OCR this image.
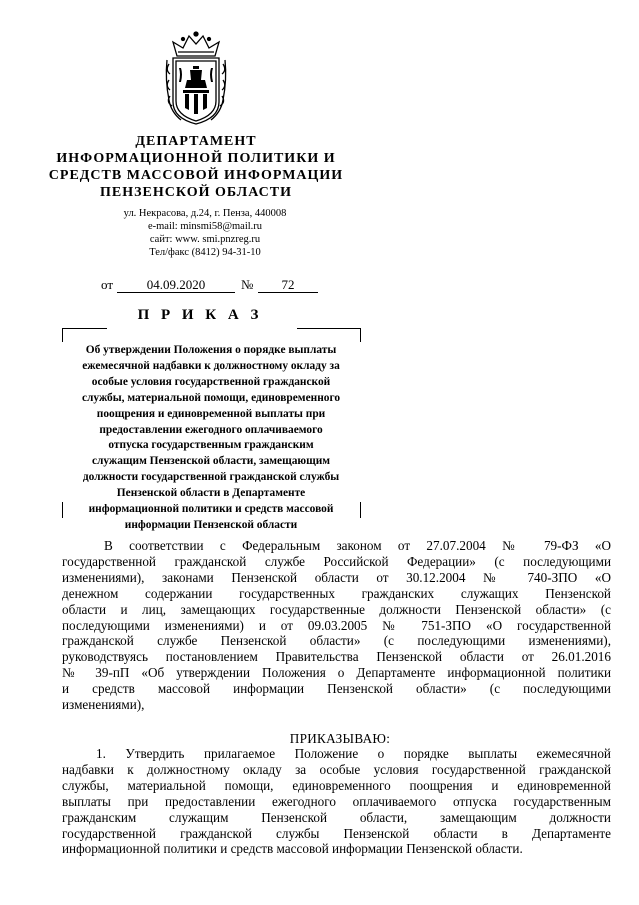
ДЕПАРТАМЕНТ
ИНФОРМАЦИОННОЙ ПОЛИТИКИ И
СРЕДСТВ МАССОВОЙ ИНФОРМАЦИИ
ПЕНЗЕНСКОЙ ОБЛАСТИ
ул. Некрасова, д.24, г. Пенза, 440008
e-mail: minsmi58@mail.ru
сайт: www. smi.pnzreg.ru
Тел/факс (8412) 94-31-10
от	04.09.2020	№	72
П Р И К А З
Об утверждении Положения о порядке выплаты
ежемесячной надбавки к должностному окладу за
особые условия государственной гражданской
службы, материальной помощи, единовременного
поощрения и единовременной выплаты при
предоставлении ежегодного оплачиваемого
отпуска государственным гражданским
служащим Пензенской области, замещающим
должности государственной гражданской службы
Пензенской области в Департаменте
информационной политики и средств массовой
информации Пензенской области
В соответствии с Федеральным законом от 27.07.2004 № 79-ФЗ «О
государственной гражданской службе Российской Федерации» (с последующими
изменениями), законами Пензенской области от 30.12.2004 № 740-ЗПО «О
денежном содержании государственных гражданских служащих Пензенской
области и лиц, замещающих государственные должности Пензенской области» (с
последующими изменениями) и от 09.03.2005 № 751-ЗПО «О государственной
гражданской службе Пензенской области» (с последующими изменениями),
руководствуясь постановлением Правительства Пензенской области от 26.01.2016
№ 39-пП «Об утверждении Положения о Департаменте информационной политики
и средств массовой информации Пензенской области» (с последующими
изменениями),
ПРИКАЗЫВАЮ:
1. Утвердить прилагаемое Положение о порядке выплаты ежемесячной
надбавки к должностному окладу за особые условия государственной гражданской
службы, материальной помощи, единовременного поощрения и единовременной
выплаты при предоставлении ежегодного оплачиваемого отпуска государственным
гражданским служащим Пензенской области, замещающим должности
государственной гражданской службы Пензенской области в Департаменте
информационной политики и средств массовой информации Пензенской области.
